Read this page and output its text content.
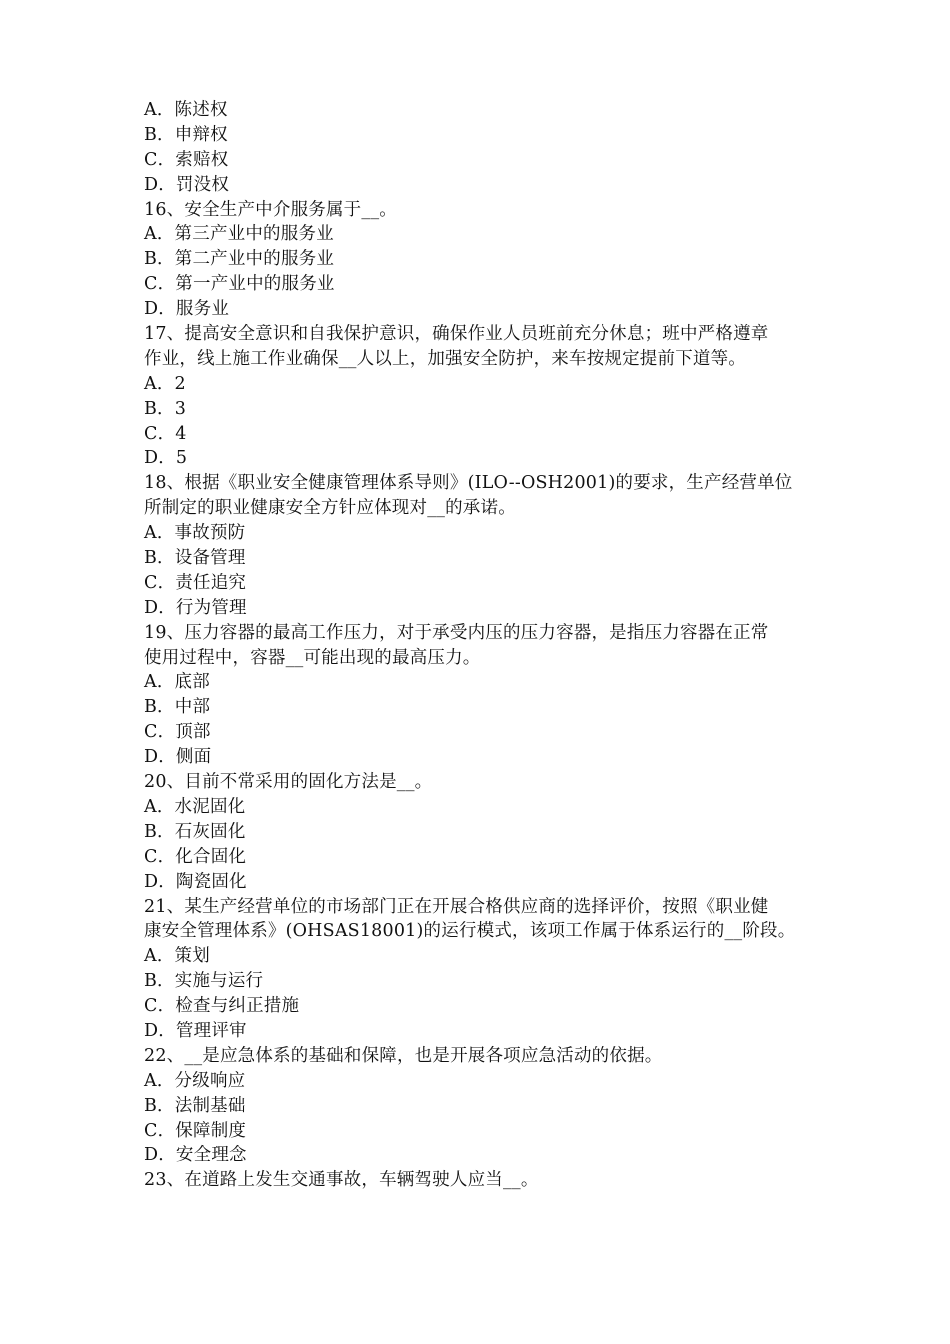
A．陈述权
B．申辩权
C．索赔权
D．罚没权
16、安全生产中介服务属于__。
A．第三产业中的服务业
B．第二产业中的服务业
C．第一产业中的服务业
D．服务业
17、提高安全意识和自我保护意识，确保作业人员班前充分休息；班中严格遵章
作业，线上施工作业确保__人以上，加强安全防护，来车按规定提前下道等。
A．2
B．3
C．4
D．5
18、根据《职业安全健康管理体系导则》(ILO--OSH2001)的要求，生产经营单位
所制定的职业健康安全方针应体现对__的承诺。
A．事故预防
B．设备管理
C．责任追究
D．行为管理
19、压力容器的最高工作压力，对于承受内压的压力容器，是指压力容器在正常
使用过程中，容器__可能出现的最高压力。
A．底部
B．中部
C．顶部
D．侧面
20、目前不常采用的固化方法是__。
A．水泥固化
B．石灰固化
C．化合固化
D．陶瓷固化
21、某生产经营单位的市场部门正在开展合格供应商的选择评价，按照《职业健
康安全管理体系》(OHSAS18001)的运行模式，该项工作属于体系运行的__阶段。
A．策划
B．实施与运行
C．检查与纠正措施
D．管理评审
22、__是应急体系的基础和保障，也是开展各项应急活动的依据。
A．分级响应
B．法制基础
C．保障制度
D．安全理念
23、在道路上发生交通事故，车辆驾驶人应当__。
